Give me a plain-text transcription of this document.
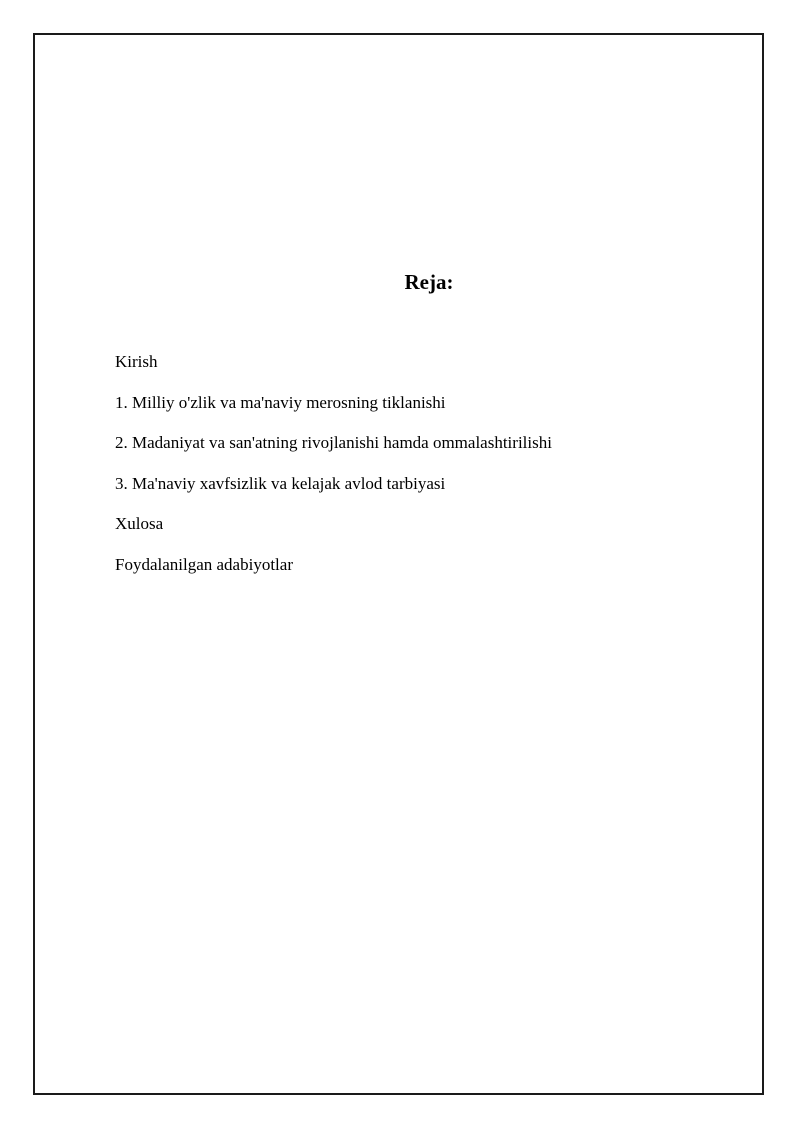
Reja:
Kirish
1. Milliy o'zlik va ma'naviy merosning tiklanishi
2. Madaniyat va san'atning rivojlanishi hamda ommalashtirilishi
3. Ma'naviy xavfsizlik va kelajak avlod tarbiyasi
Xulosa
Foydalanilgan adabiyotlar
